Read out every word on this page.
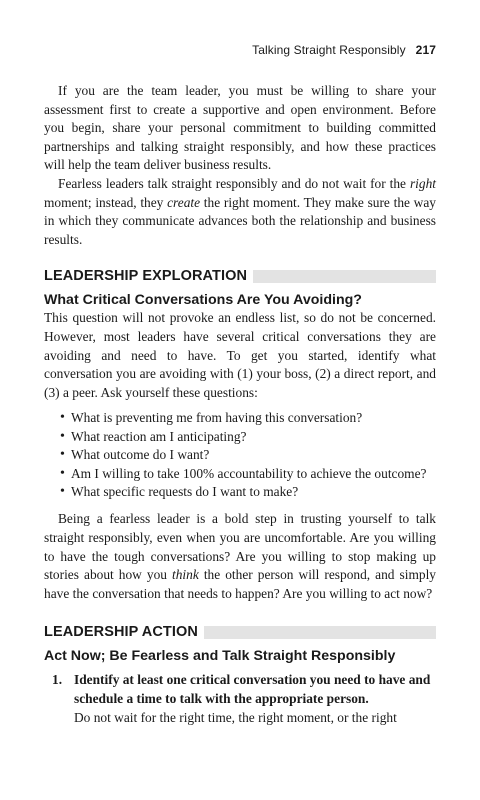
Talking Straight Responsibly 217

If you are the team leader, you must be willing to share your assessment first to create a supportive and open environment. Before you begin, share your personal commitment to building committed partnerships and talking straight responsibly, and how these practices will help the team deliver business results.

Fearless leaders talk straight responsibly and do not wait for the right moment; instead, they create the right moment. They make sure the way in which they communicate advances both the relationship and business results.

LEADERSHIP EXPLORATION
What Critical Conversations Are You Avoiding?

This question will not provoke an endless list, so do not be concerned. However, most leaders have several critical conversations they are avoiding and need to have. To get you started, identify what conversation you are avoiding with (1) your boss, (2) a direct report, and (3) a peer. Ask yourself these questions:

• What is preventing me from having this conversation?
• What reaction am I anticipating?
• What outcome do I want?
• Am I willing to take 100% accountability to achieve the outcome?
• What specific requests do I want to make?

Being a fearless leader is a bold step in trusting yourself to talk straight responsibly, even when you are uncomfortable. Are you willing to have the tough conversations? Are you willing to stop making up stories about how you think the other person will respond, and simply have the conversation that needs to happen? Are you willing to act now?

LEADERSHIP ACTION
Act Now; Be Fearless and Talk Straight Responsibly
1. Identify at least one critical conversation you need to have and schedule a time to talk with the appropriate person.
Do not wait for the right time, the right moment, or the right
